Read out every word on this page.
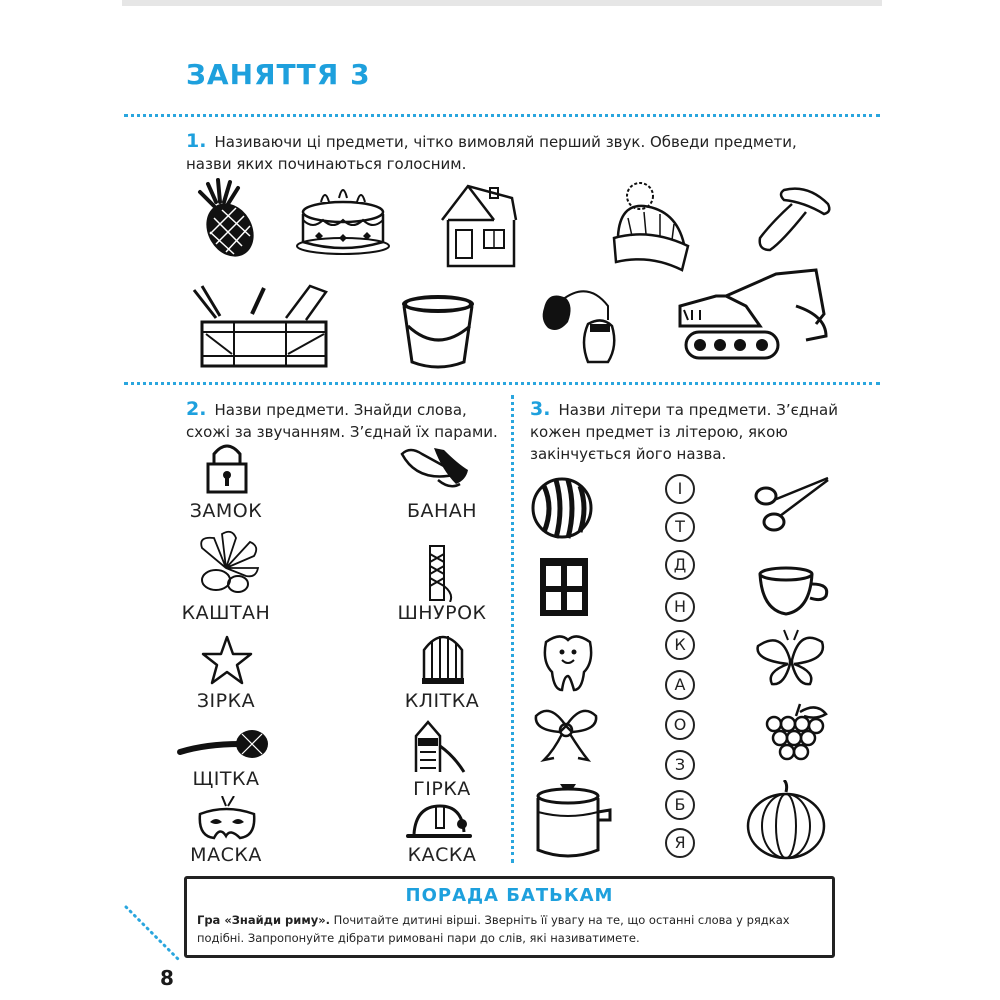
ЗАНЯТТЯ 3
1. Називаючи ці предмети, чітко вимовляй перший звук. Обведи предмети, назви яких починаються голосним.
2. Назви предмети. Знайди слова, схожі за звучанням. З’єднай їх парами.
ЗАМОК
КАШТАН
ЗІРКА
ЩІТКА
МАСКА
БАНАН
ШНУРОК
КЛІТКА
ГІРКА
КАСКА
3. Назви літери та предмети. З’єднай кожен предмет із літерою, якою закінчується його назва.
І
Т
Д
Н
К
А
О
З
Б
Я
ПОРАДА БАТЬКАМ
Гра «Знайди риму». Почитайте дитині вірші. Зверніть її увагу на те, що останні слова у рядках подібні. Запропонуйте дібрати римовані пари до слів, які називатимете.
8
